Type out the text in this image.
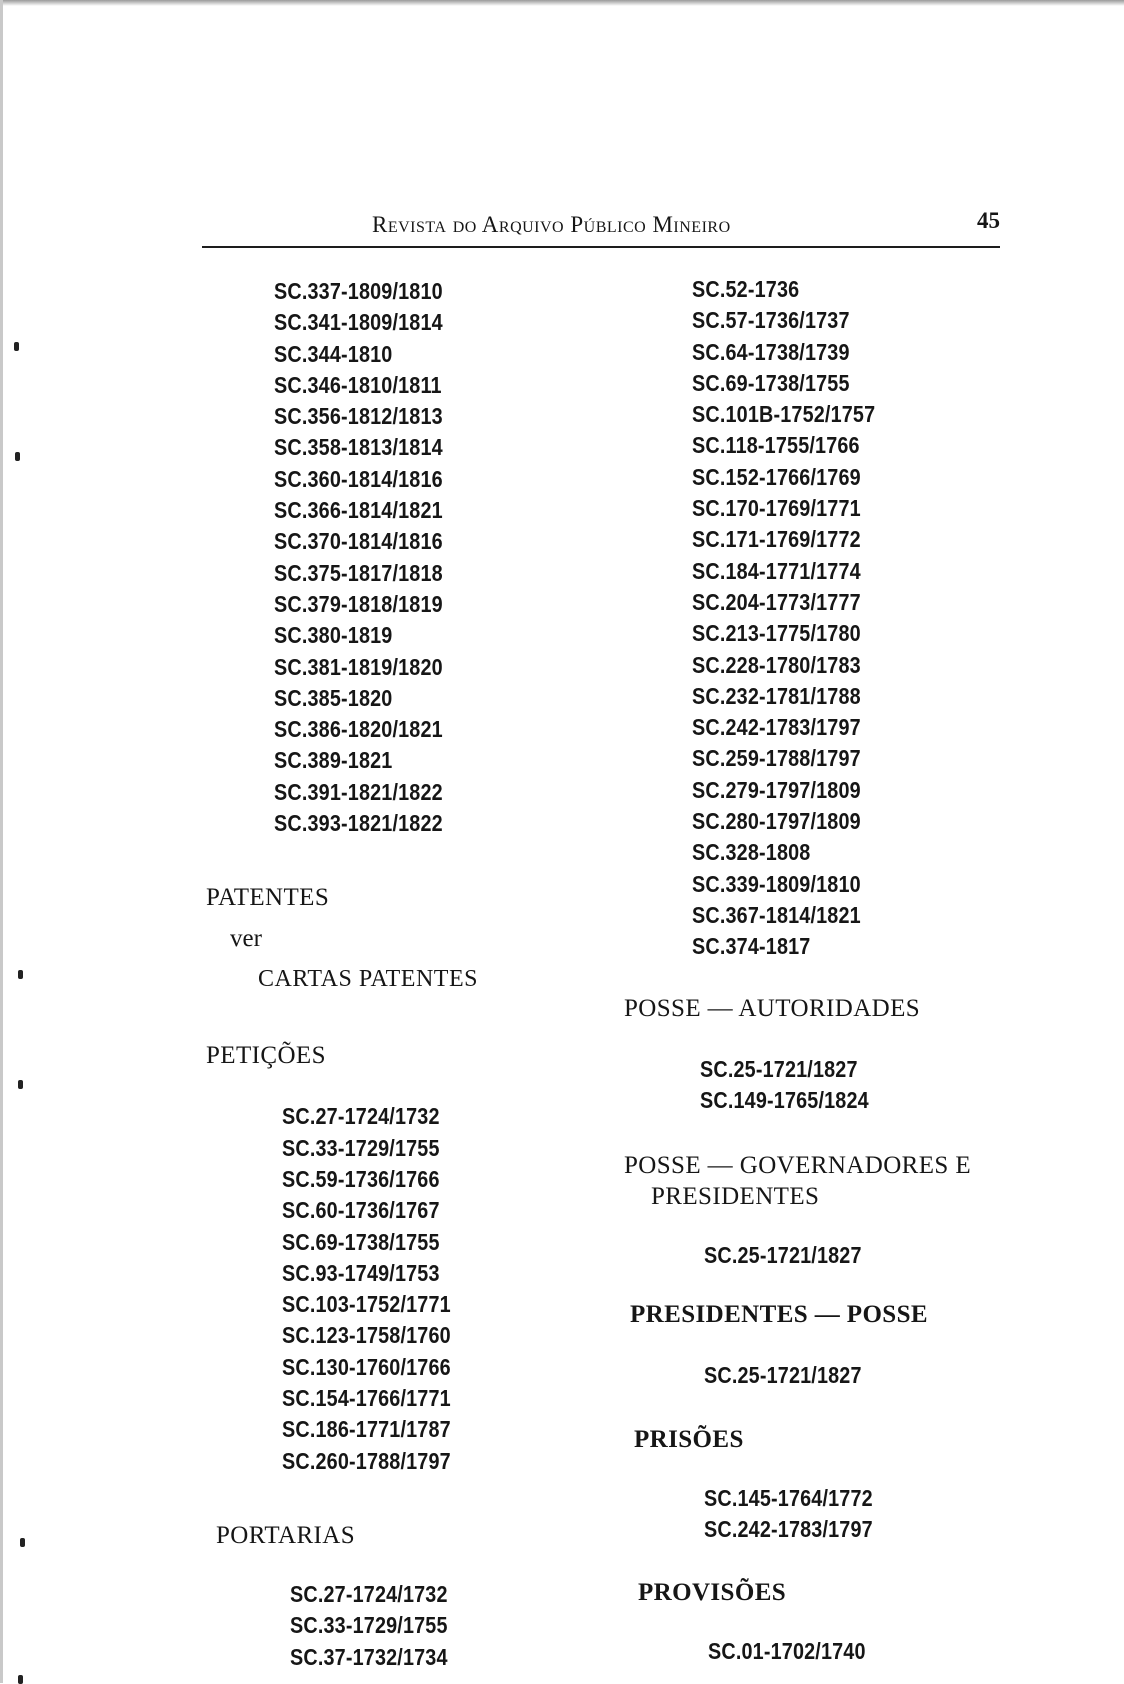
Revista do Arquivo Público Mineiro	45
SC.337-1809/1810
SC.341-1809/1814
SC.344-1810
SC.346-1810/1811
SC.356-1812/1813
SC.358-1813/1814
SC.360-1814/1816
SC.366-1814/1821
SC.370-1814/1816
SC.375-1817/1818
SC.379-1818/1819
SC.380-1819
SC.381-1819/1820
SC.385-1820
SC.386-1820/1821
SC.389-1821
SC.391-1821/1822
SC.393-1821/1822
PATENTES
ver
CARTAS PATENTES
PETIÇÕES
SC.27-1724/1732
SC.33-1729/1755
SC.59-1736/1766
SC.60-1736/1767
SC.69-1738/1755
SC.93-1749/1753
SC.103-1752/1771
SC.123-1758/1760
SC.130-1760/1766
SC.154-1766/1771
SC.186-1771/1787
SC.260-1788/1797
PORTARIAS
SC.27-1724/1732
SC.33-1729/1755
SC.37-1732/1734
SC.52-1736
SC.57-1736/1737
SC.64-1738/1739
SC.69-1738/1755
SC.101B-1752/1757
SC.118-1755/1766
SC.152-1766/1769
SC.170-1769/1771
SC.171-1769/1772
SC.184-1771/1774
SC.204-1773/1777
SC.213-1775/1780
SC.228-1780/1783
SC.232-1781/1788
SC.242-1783/1797
SC.259-1788/1797
SC.279-1797/1809
SC.280-1797/1809
SC.328-1808
SC.339-1809/1810
SC.367-1814/1821
SC.374-1817
POSSE — AUTORIDADES
SC.25-1721/1827
SC.149-1765/1824
POSSE — GOVERNADORES E
PRESIDENTES
SC.25-1721/1827
PRESIDENTES — POSSE
SC.25-1721/1827
PRISÕES
SC.145-1764/1772
SC.242-1783/1797
PROVISÕES
SC.01-1702/1740
